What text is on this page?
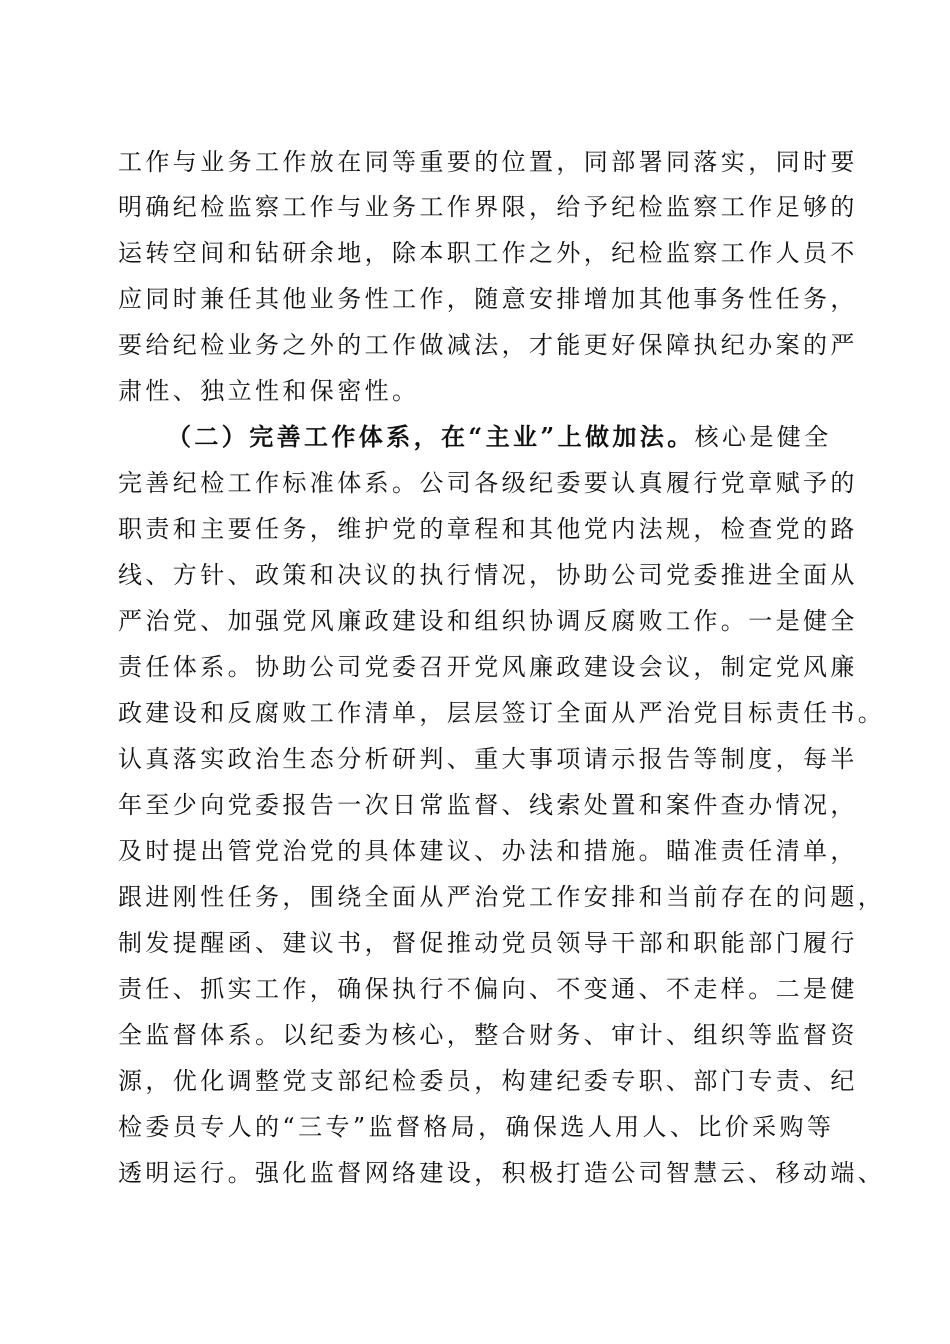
工作与业务工作放在同等重要的位置，同部署同落实，同时要
明确纪检监察工作与业务工作界限，给予纪检监察工作足够的
运转空间和钻研余地，除本职工作之外，纪检监察工作人员不
应同时兼任其他业务性工作，随意安排增加其他事务性任务，
要给纪检业务之外的工作做减法，才能更好保障执纪办案的严
肃性、独立性和保密性。
（二）完善工作体系，在“主业”上做加法。核心是健全
完善纪检工作标准体系。公司各级纪委要认真履行党章赋予的
职责和主要任务，维护党的章程和其他党内法规，检查党的路
线、方针、政策和决议的执行情况，协助公司党委推进全面从
严治党、加强党风廉政建设和组织协调反腐败工作。一是健全
责任体系。协助公司党委召开党风廉政建设会议，制定党风廉
政建设和反腐败工作清单，层层签订全面从严治党目标责任书。
认真落实政治生态分析研判、重大事项请示报告等制度，每半
年至少向党委报告一次日常监督、线索处置和案件查办情况，
及时提出管党治党的具体建议、办法和措施。瞄准责任清单，
跟进刚性任务，围绕全面从严治党工作安排和当前存在的问题，
制发提醒函、建议书，督促推动党员领导干部和职能部门履行
责任、抓实工作，确保执行不偏向、不变通、不走样。二是健
全监督体系。以纪委为核心，整合财务、审计、组织等监督资
源，优化调整党支部纪检委员，构建纪委专职、部门专责、纪
检委员专人的“三专”监督格局，确保选人用人、比价采购等
透明运行。强化监督网络建设，积极打造公司智慧云、移动端、
